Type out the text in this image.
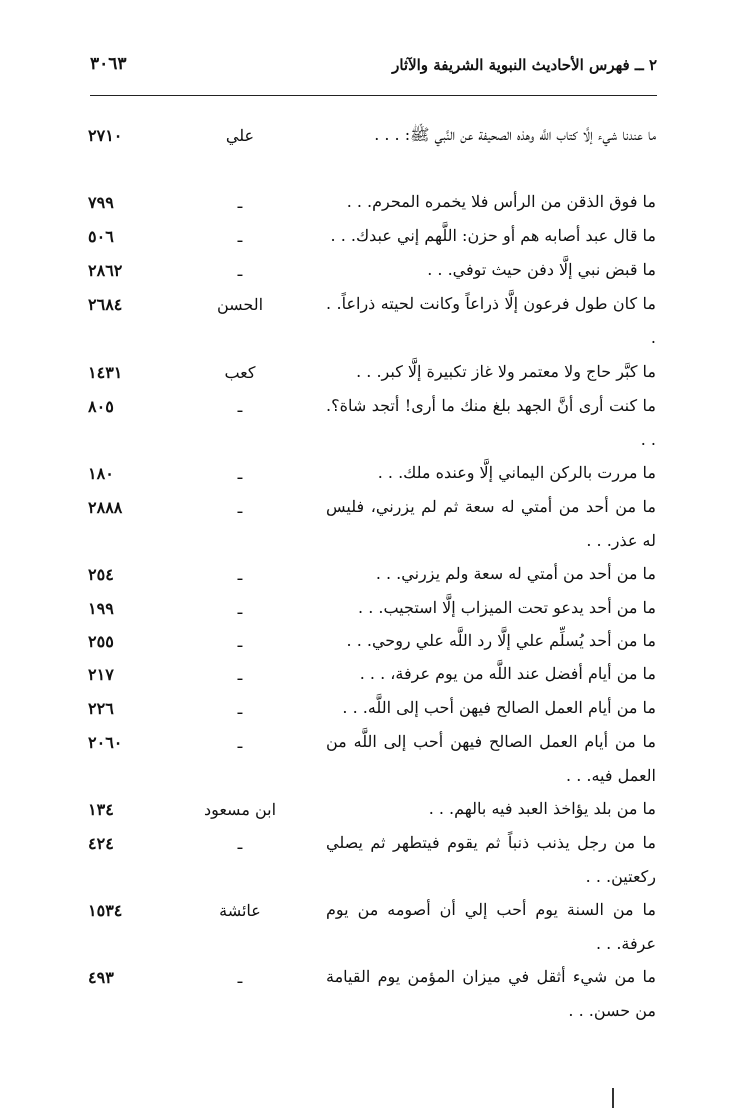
٢ ــ فهرس الأحاديث النبوية الشريفة والآثار
٣٠٦٣
ما عندنا شيء إلَّا كتاب اللَّه وهذه الصحيفة عن النَّبي ﷺ: . . .
علي
٢٧١٠
ما فوق الذقن من الرأس فلا يخمره المحرم. . .
ـ
٧٩٩
ما قال عبد أصابه هم أو حزن: اللَّهم إني عبدك. . .
ـ
٥٠٦
ما قبض نبي إلَّا دفن حيث توفي. . .
ـ
٢٨٦٢
ما كان طول فرعون إلَّا ذراعاً وكانت لحيته ذراعاً. . .
الحسن
٢٦٨٤
ما كبَّر حاج ولا معتمر ولا غاز تكبيرة إلَّا كبر. . .
كعب
١٤٣١
ما كنت أرى أنَّ الجهد بلغ منك ما أرى! أتجد شاة؟. . .
ـ
٨٠٥
ما مررت بالركن اليماني إلَّا وعنده ملك. . .
ـ
١٨٠
ما من أحد من أمتي له سعة ثم لم يزرني، فليس له عذر. . .
ـ
٢٨٨٨
ما من أحد من أمتي له سعة ولم يزرني. . .
ـ
٢٥٤
ما من أحد يدعو تحت الميزاب إلَّا استجيب. . .
ـ
١٩٩
ما من أحد يُسلِّم علي إلَّا رد اللَّه علي روحي. . .
ـ
٢٥٥
ما من أيام أفضل عند اللَّه من يوم عرفة، . . .
ـ
٢١٧
ما من أيام العمل الصالح فيهن أحب إلى اللَّه. . .
ـ
٢٢٦
ما من أيام العمل الصالح فيهن أحب إلى اللَّه من العمل فيه. . .
ـ
٢٠٦٠
ما من بلد يؤاخذ العبد فيه بالهم. . .
ابن مسعود
١٣٤
ما من رجل يذنب ذنباً ثم يقوم فيتطهر ثم يصلي ركعتين. . .
ـ
٤٢٤
ما من السنة يوم أحب إلي أن أصومه من يوم عرفة. . .
عائشة
١٥٣٤
ما من شيء أثقل في ميزان المؤمن يوم القيامة من حسن. . .
ـ
٤٩٣
